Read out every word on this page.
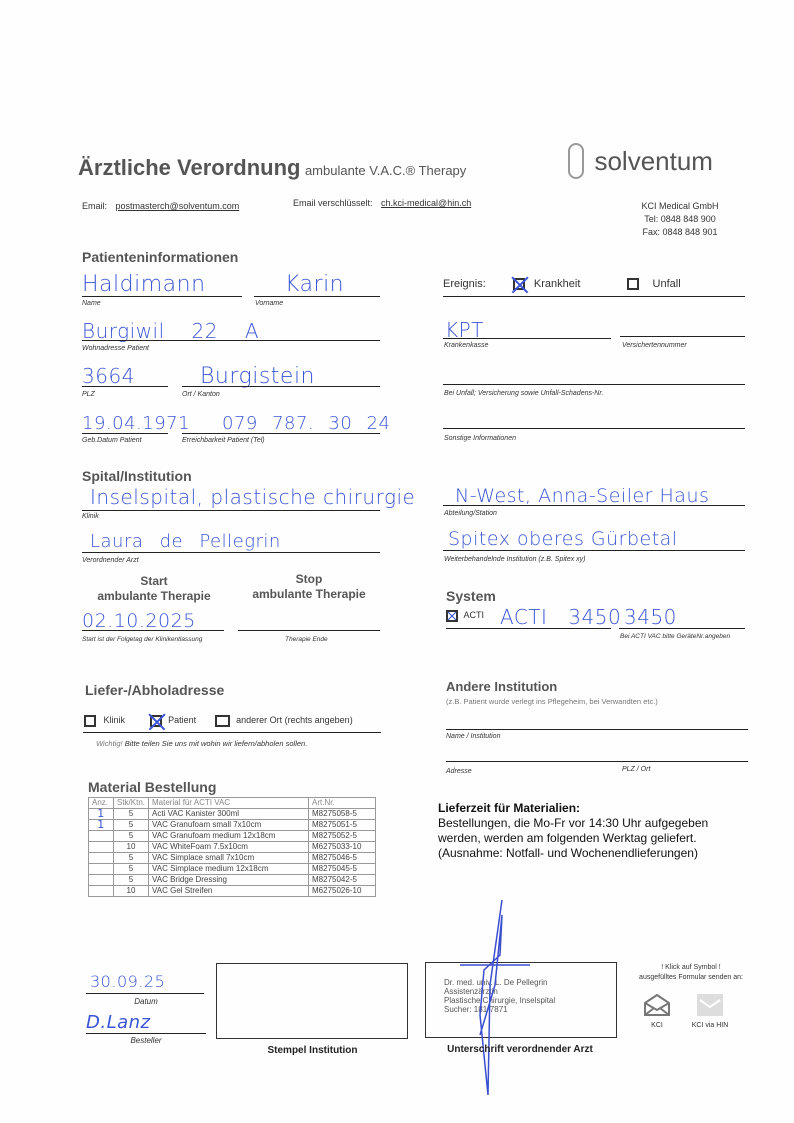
Ärztliche Verordnung ambulante V.A.C.® Therapy	solventum
Email: postmasterch@solventum.com	Email verschlüsselt: ch.kci-medical@hin.ch	KCI Medical GmbH
Tel: 0848 848 900
Fax: 0848 848 901
Patienteninformationen
Haldimann
Name
Karin
Vorname
Burgiwil 22 A
Wohnadresse Patient
3664
PLZ
Burgistein
Ort / Kanton
19.04.1971
Geb.Datum Patient
079 787. 30 24
Erreichbarkeit Patient (Tel)
Ereignis:	Krankheit	Unfall
KPT
Krankenkasse	Versichertennummer
Bei Unfall; Versicherung sowie Unfall-Schadens-Nr.
Sonstige Informationen
Spital/Institution
Inselspital, plastische chirurgie
Klinik
Laura de Pellegrin
Verordnender Arzt
N-West, Anna-Seiler Haus
Abteilung/Station
Spitex oberes Gürbetal
Weiterbehandelnde Institution (z.B. Spitex xy)
Start
ambulante Therapie
Stop
ambulante Therapie
02.10.2025
Start ist der Folgetag der Klinikentlassung	Therapie Ende
System
ACTI ACTI 3450 3450
Bei ACTI VAC bitte GeräteNr.angeben
Liefer-/Abholadresse
Klinik	Patient	anderer Ort (rechts angeben)
Wichtig! Bitte teilen Sie uns mit wohin wir liefern/abholen sollen.
Andere Institution
(z.B. Patient wurde verlegt ins Pflegeheim, bei Verwandten etc.)
Name / Institution
Adresse	PLZ / Ort
Material Bestellung
Anz.	Stk/Ktn.	Material für ACTI VAC	Art.Nr.
1	5	Acti VAC Kanister 300ml	M8275058-5
1	5	VAC Granufoam small 7x10cm	M8275051-5
	5	VAC Granufoam medium 12x18cm	M8275052-5
	10	VAC WhiteFoam 7.5x10cm	M6275033-10
	5	VAC Simplace small 7x10cm	M8275046-5
	5	VAC Simplace medium 12x18cm	M8275045-5
	5	VAC Bridge Dressing	M8275042-5
	10	VAC Gel Streifen	M6275026-10
Lieferzeit für Materialien:
Bestellungen, die Mo-Fr vor 14:30 Uhr aufgegeben
werden, werden am folgenden Werktag geliefert.
(Ausnahme: Notfall- und Wochenendlieferungen)
30.09.25
Datum
D.Lanz
Besteller
Stempel Institution
Dr. med. univ. L. De Pellegrin
Assistenzärztin
Plastische Chirurgie, Inselspital
Sucher: 181-7871
Unterschrift verordnender Arzt
! Klick auf Symbol !
ausgefülltes Formular senden an:
KCI	KCI via HIN
